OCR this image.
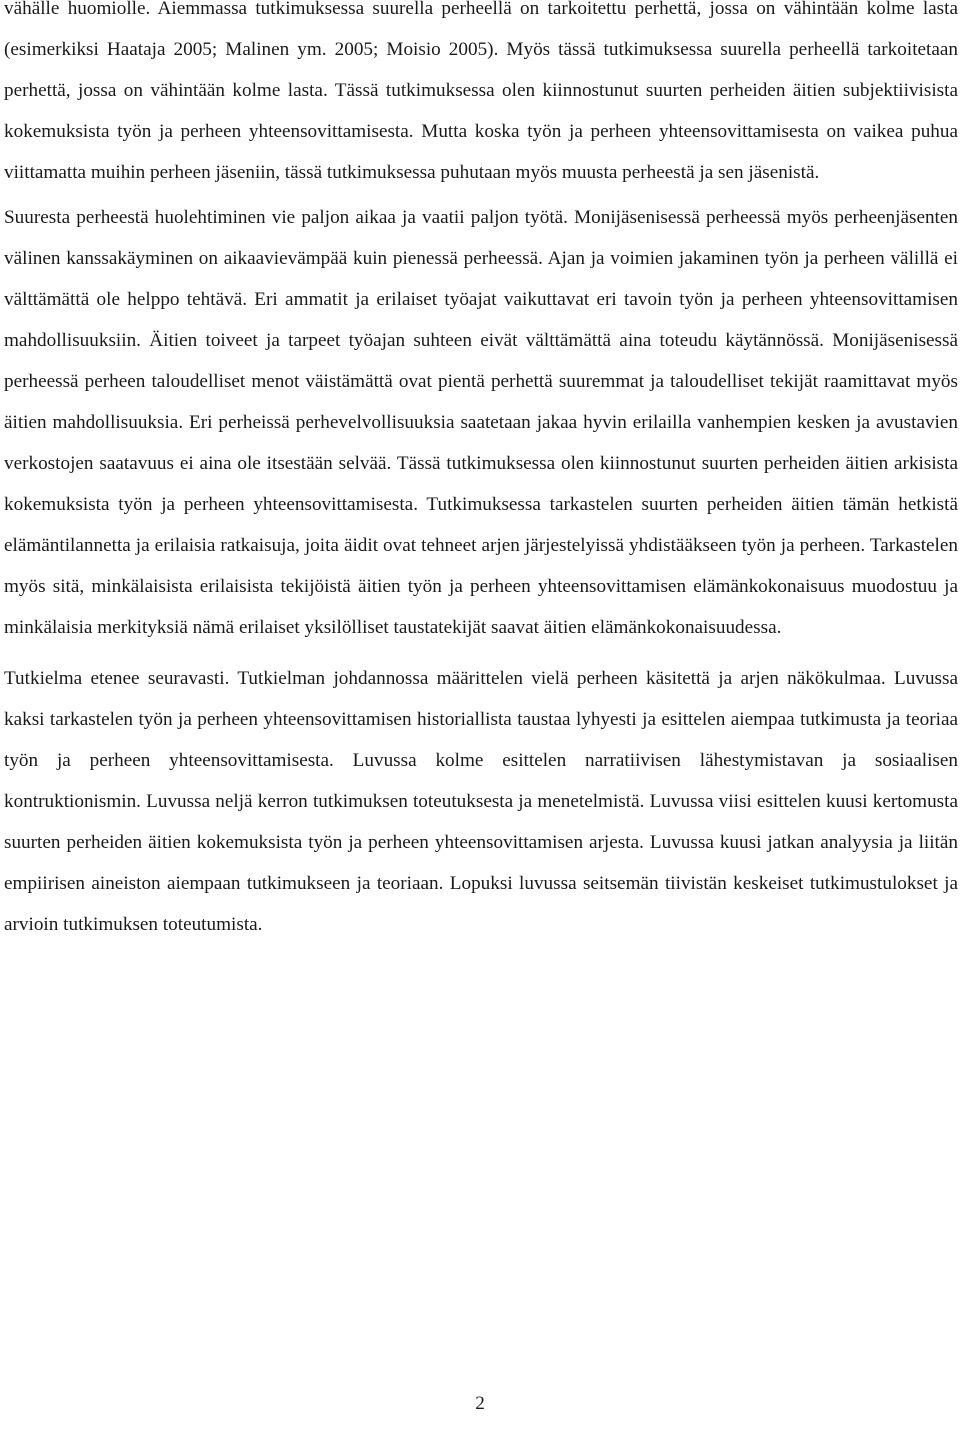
vähälle huomiolle. Aiemmassa tutkimuksessa suurella perheellä on tarkoitettu perhettä, jossa on vähintään kolme lasta (esimerkiksi Haataja 2005; Malinen ym. 2005; Moisio 2005). Myös tässä tutkimuksessa suurella perheellä tarkoitetaan perhettä, jossa on vähintään kolme lasta. Tässä tutkimuksessa olen kiinnostunut suurten perheiden äitien subjektiivisista kokemuksista työn ja perheen yhteensovittamisesta. Mutta koska työn ja perheen yhteensovittamisesta on vaikea puhua viittamatta muihin perheen jäseniin, tässä tutkimuksessa puhutaan myös muusta perheestä ja sen jäsenistä.

Suuresta perheestä huolehtiminen vie paljon aikaa ja vaatii paljon työtä. Monijäsenisessä perheessä myös perheenjäsenten välinen kanssakäyminen on aikaavievämpää kuin pienessä perheessä. Ajan ja voimien jakaminen työn ja perheen välillä ei välttämättä ole helppo tehtävä. Eri ammatit ja erilaiset työajat vaikuttavat eri tavoin työn ja perheen yhteensovittamisen mahdollisuuksiin. Äitien toiveet ja tarpeet työajan suhteen eivät välttämättä aina toteudu käytännössä. Monijäsenisessä perheessä perheen taloudelliset menot väistämättä ovat pientä perhettä suuremmat ja taloudelliset tekijät raamittavat myös äitien mahdollisuuksia. Eri perheissä perhevelvollisuuksia saatetaan jakaa hyvin erilailla vanhempien kesken ja avustavien verkostojen saatavuus ei aina ole itsestään selvää. Tässä tutkimuksessa olen kiinnostunut suurten perheiden äitien arkisista kokemuksista työn ja perheen yhteensovittamisesta. Tutkimuksessa tarkastelen suurten perheiden äitien tämän hetkistä elämäntilannetta ja erilaisia ratkaisuja, joita äidit ovat tehneet arjen järjestelyissä yhdistääkseen työn ja perheen. Tarkastelen myös sitä, minkälaisista erilaisista tekijöistä äitien työn ja perheen yhteensovittamisen elämänkokonaisuus muodostuu ja minkälaisia merkityksiä nämä erilaiset yksilölliset taustatekijät saavat äitien elämänkokonaisuudessa.

Tutkielma etenee seuravasti. Tutkielman johdannossa määrittelen vielä perheen käsitettä ja arjen näkökulmaa. Luvussa kaksi tarkastelen työn ja perheen yhteensovittamisen historiallista taustaa lyhyesti ja esittelen aiempaa tutkimusta ja teoriaa työn ja perheen yhteensovittamisesta. Luvussa kolme esittelen narratiivisen lähestymistavan ja sosiaalisen kontruktionismin. Luvussa neljä kerron tutkimuksen toteutuksesta ja menetelmistä. Luvussa viisi esittelen kuusi kertomusta suurten perheiden äitien kokemuksista työn ja perheen yhteensovittamisen arjesta. Luvussa kuusi jatkan analyysia ja liitän empiirisen aineiston aiempaan tutkimukseen ja teoriaan. Lopuksi luvussa seitsemän tiivistän keskeiset tutkimustulokset ja arvioin tutkimuksen toteutumista.

2
